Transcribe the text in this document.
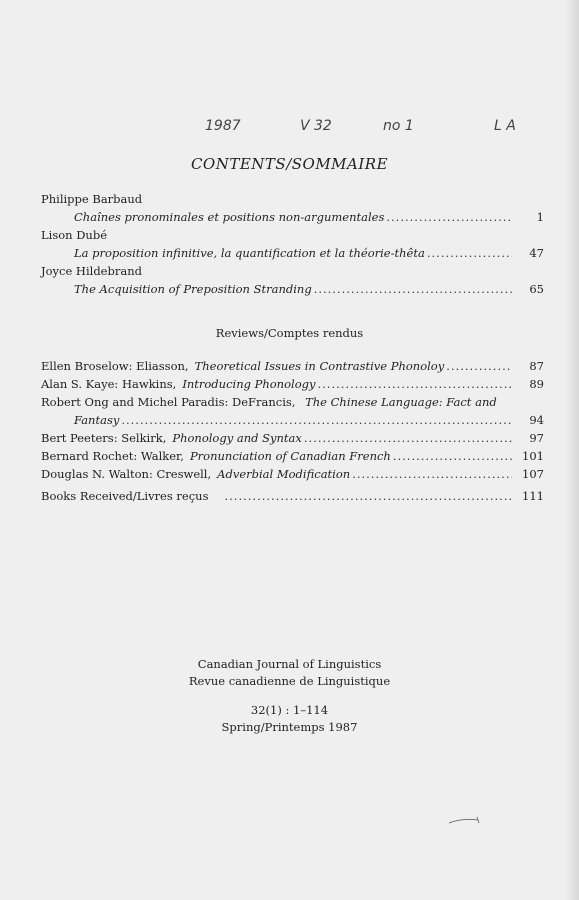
1987	V 32	no 1	L A
CONTENTS/SOMMAIRE
Philippe Barbaud
Chaînes pronominales et positions non-argumentales .....	1
Lison Dubé
La proposition infinitive, la quantification et la théorie-thêta .....	47
Joyce Hildebrand
The Acquisition of Preposition Stranding .....	65
Reviews/Comptes rendus
Ellen Broselow: Eliasson, Theoretical Issues in Contrastive Phonoloy .....	87
Alan S. Kaye: Hawkins, Introducing Phonology .....	89
Robert Ong and Michel Paradis: DeFrancis, The Chinese Language: Fact and
Fantasy .....	94
Bert Peeters: Selkirk, Phonology and Syntax .....	97
Bernard Rochet: Walker, Pronunciation of Canadian French .....	101
Douglas N. Walton: Creswell, Adverbial Modification .....	107
Books Received/Livres reçus .....	111
Canadian Journal of Linguistics
Revue canadienne de Linguistique
32(1) : 1–114
Spring/Printemps 1987
